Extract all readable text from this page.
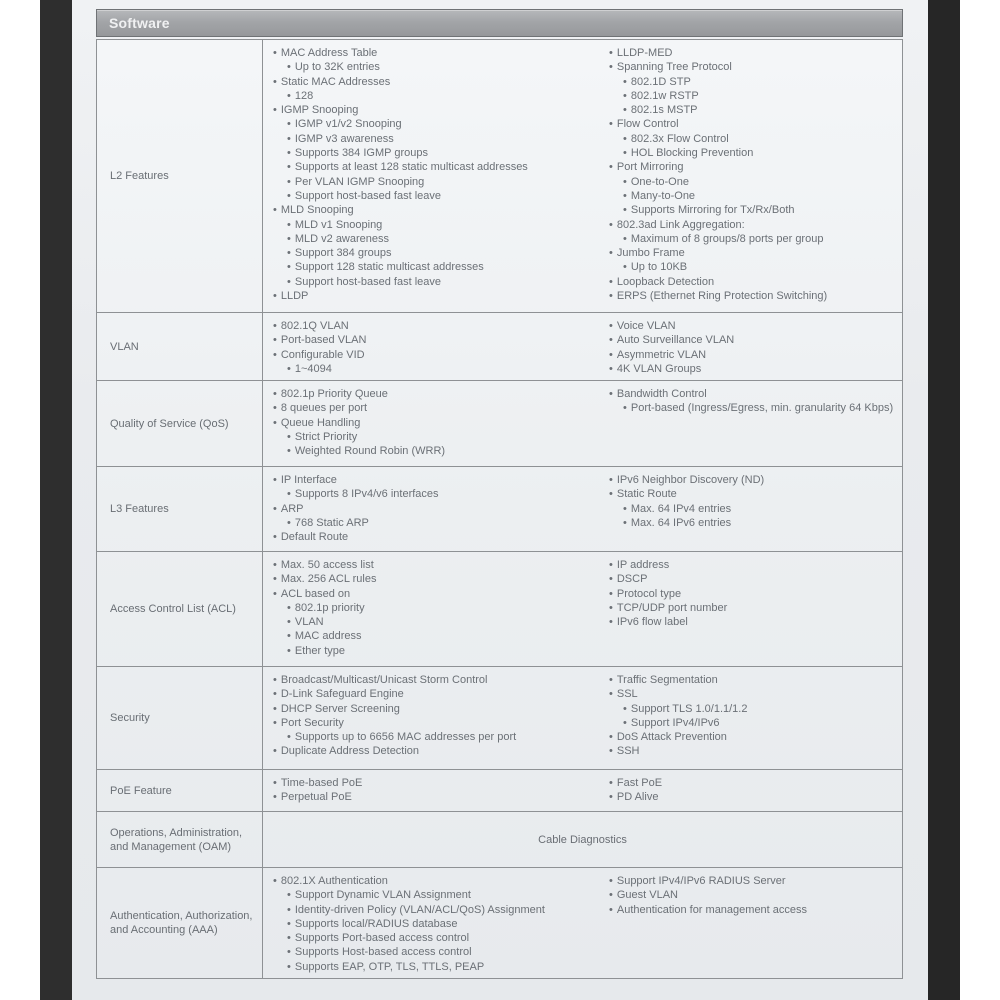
Software
L2 Features
• MAC Address Table
• Up to 32K entries
• Static MAC Addresses
• 128
• IGMP Snooping
• IGMP v1/v2 Snooping
• IGMP v3 awareness
• Supports 384 IGMP groups
• Supports at least 128 static multicast addresses
• Per VLAN IGMP Snooping
• Support host-based fast leave
• MLD Snooping
• MLD v1 Snooping
• MLD v2 awareness
• Support 384 groups
• Support 128 static multicast addresses
• Support host-based fast leave
• LLDP
• LLDP-MED
• Spanning Tree Protocol
• 802.1D STP
• 802.1w RSTP
• 802.1s MSTP
• Flow Control
• 802.3x Flow Control
• HOL Blocking Prevention
• Port Mirroring
• One-to-One
• Many-to-One
• Supports Mirroring for Tx/Rx/Both
• 802.3ad Link Aggregation:
• Maximum of 8 groups/8 ports per group
• Jumbo Frame
• Up to 10KB
• Loopback Detection
• ERPS (Ethernet Ring Protection Switching)
VLAN
• 802.1Q VLAN
• Port-based VLAN
• Configurable VID
• 1~4094
• Voice VLAN
• Auto Surveillance VLAN
• Asymmetric VLAN
• 4K VLAN Groups
Quality of Service (QoS)
• 802.1p Priority Queue
• 8 queues per port
• Queue Handling
• Strict Priority
• Weighted Round Robin (WRR)
• Bandwidth Control
• Port-based (Ingress/Egress, min. granularity 64 Kbps)
L3 Features
• IP Interface
• Supports 8 IPv4/v6 interfaces
• ARP
• 768 Static ARP
• Default Route
• IPv6 Neighbor Discovery (ND)
• Static Route
• Max. 64 IPv4 entries
• Max. 64 IPv6 entries
Access Control List (ACL)
• Max. 50 access list
• Max. 256 ACL rules
• ACL based on
• 802.1p priority
• VLAN
• MAC address
• Ether type
• IP address
• DSCP
• Protocol type
• TCP/UDP port number
• IPv6 flow label
Security
• Broadcast/Multicast/Unicast Storm Control
• D-Link Safeguard Engine
• DHCP Server Screening
• Port Security
• Supports up to 6656 MAC addresses per port
• Duplicate Address Detection
• Traffic Segmentation
• SSL
• Support TLS 1.0/1.1/1.2
• Support IPv4/IPv6
• DoS Attack Prevention
• SSH
PoE Feature
• Time-based PoE
• Perpetual PoE
• Fast PoE
• PD Alive
Operations, Administration, and Management (OAM)
Cable Diagnostics
Authentication, Authorization, and Accounting (AAA)
• 802.1X Authentication
• Support Dynamic VLAN Assignment
• Identity-driven Policy (VLAN/ACL/QoS) Assignment
• Supports local/RADIUS database
• Supports Port-based access control
• Supports Host-based access control
• Supports EAP, OTP, TLS, TTLS, PEAP
• Support IPv4/IPv6 RADIUS Server
• Guest VLAN
• Authentication for management access
